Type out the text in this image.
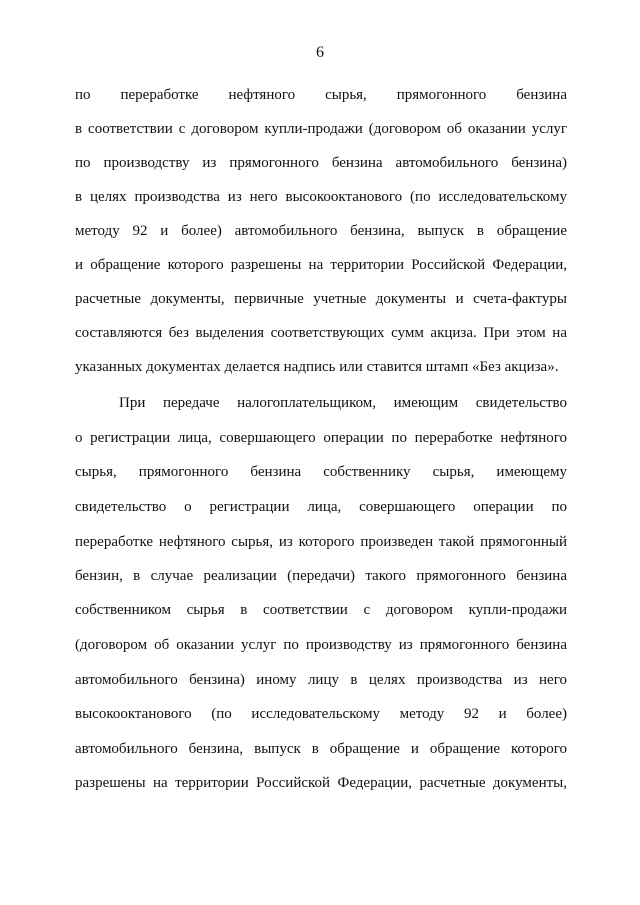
6
по переработке нефтяного сырья, прямогонного бензина
в соответствии с договором купли-продажи (договором об оказании услуг
по производству из прямогонного бензина автомобильного бензина)
в целях производства из него высокооктанового (по исследовательскому
методу 92 и более) автомобильного бензина, выпуск в обращение
и обращение которого разрешены на территории Российской Федерации,
расчетные документы, первичные учетные документы и счета-фактуры
составляются без выделения соответствующих сумм акциза. При этом на
указанных документах делается надпись или ставится штамп «Без акциза».
При передаче налогоплательщиком, имеющим свидетельство
о регистрации лица, совершающего операции по переработке нефтяного
сырья, прямогонного бензина собственнику сырья, имеющему
свидетельство о регистрации лица, совершающего операции по
переработке нефтяного сырья, из которого произведен такой прямогонный
бензин, в случае реализации (передачи) такого прямогонного бензина
собственником сырья в соответствии с договором купли-продажи
(договором об оказании услуг по производству из прямогонного бензина
автомобильного бензина) иному лицу в целях производства из него
высокооктанового (по исследовательскому методу 92 и более)
автомобильного бензина, выпуск в обращение и обращение которого
разрешены на территории Российской Федерации, расчетные документы,
